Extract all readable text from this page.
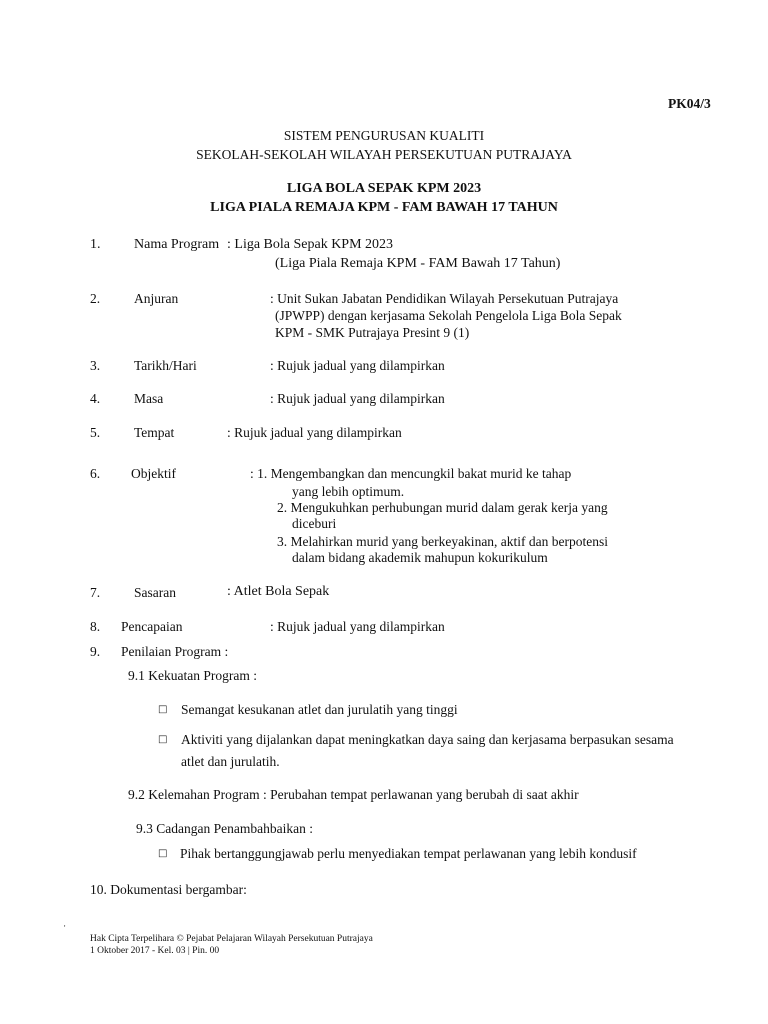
PK04/3
SISTEM PENGURUSAN KUALITI
SEKOLAH-SEKOLAH WILAYAH PERSEKUTUAN PUTRAJAYA
LIGA BOLA SEPAK KPM 2023
LIGA PIALA REMAJA KPM - FAM BAWAH 17 TAHUN
1. Nama Program : Liga Bola Sepak KPM 2023
(Liga Piala Remaja KPM - FAM Bawah 17 Tahun)
2.	Anjuran	: Unit Sukan Jabatan Pendidikan Wilayah Persekutuan Putrajaya
(JPWPP) dengan kerjasama Sekolah Pengelola Liga Bola Sepak
KPM - SMK Putrajaya Presint 9 (1)
3.	Tarikh/Hari	: Rujuk jadual yang dilampirkan
4.	Masa	: Rujuk jadual yang dilampirkan
5.	Tempat	: Rujuk jadual yang dilampirkan
6. Objektif	: 1. Mengembangkan dan mencungkil bakat murid ke tahap
yang lebih optimum.
2. Mengukuhkan perhubungan murid dalam gerak kerja yang
diceburi
3. Melahirkan murid yang berkeyakinan, aktif dan berpotensi
dalam bidang akademik mahupun kokurikulum
7.	Sasaran	: Atlet Bola Sepak
8. Pencapaian	: Rujuk jadual yang dilampirkan
9. Penilaian Program :
9.1 Kekuatan Program :
□ Semangat kesukanan atlet dan jurulatih yang tinggi
□ Aktiviti yang dijalankan dapat meningkatkan daya saing dan kerjasama berpasukan sesama
atlet dan jurulatih.
9.2 Kelemahan Program : Perubahan tempat perlawanan yang berubah di saat akhir
9.3 Cadangan Penambahbaikan :
□ Pihak bertanggungjawab perlu menyediakan tempat perlawanan yang lebih kondusif
10. Dokumentasi bergambar:
·
Hak Cipta Terpelihara © Pejabat Pelajaran Wilayah Persekutuan Putrajaya
1 Oktober 2017 - Kel. 03 | Pin. 00
